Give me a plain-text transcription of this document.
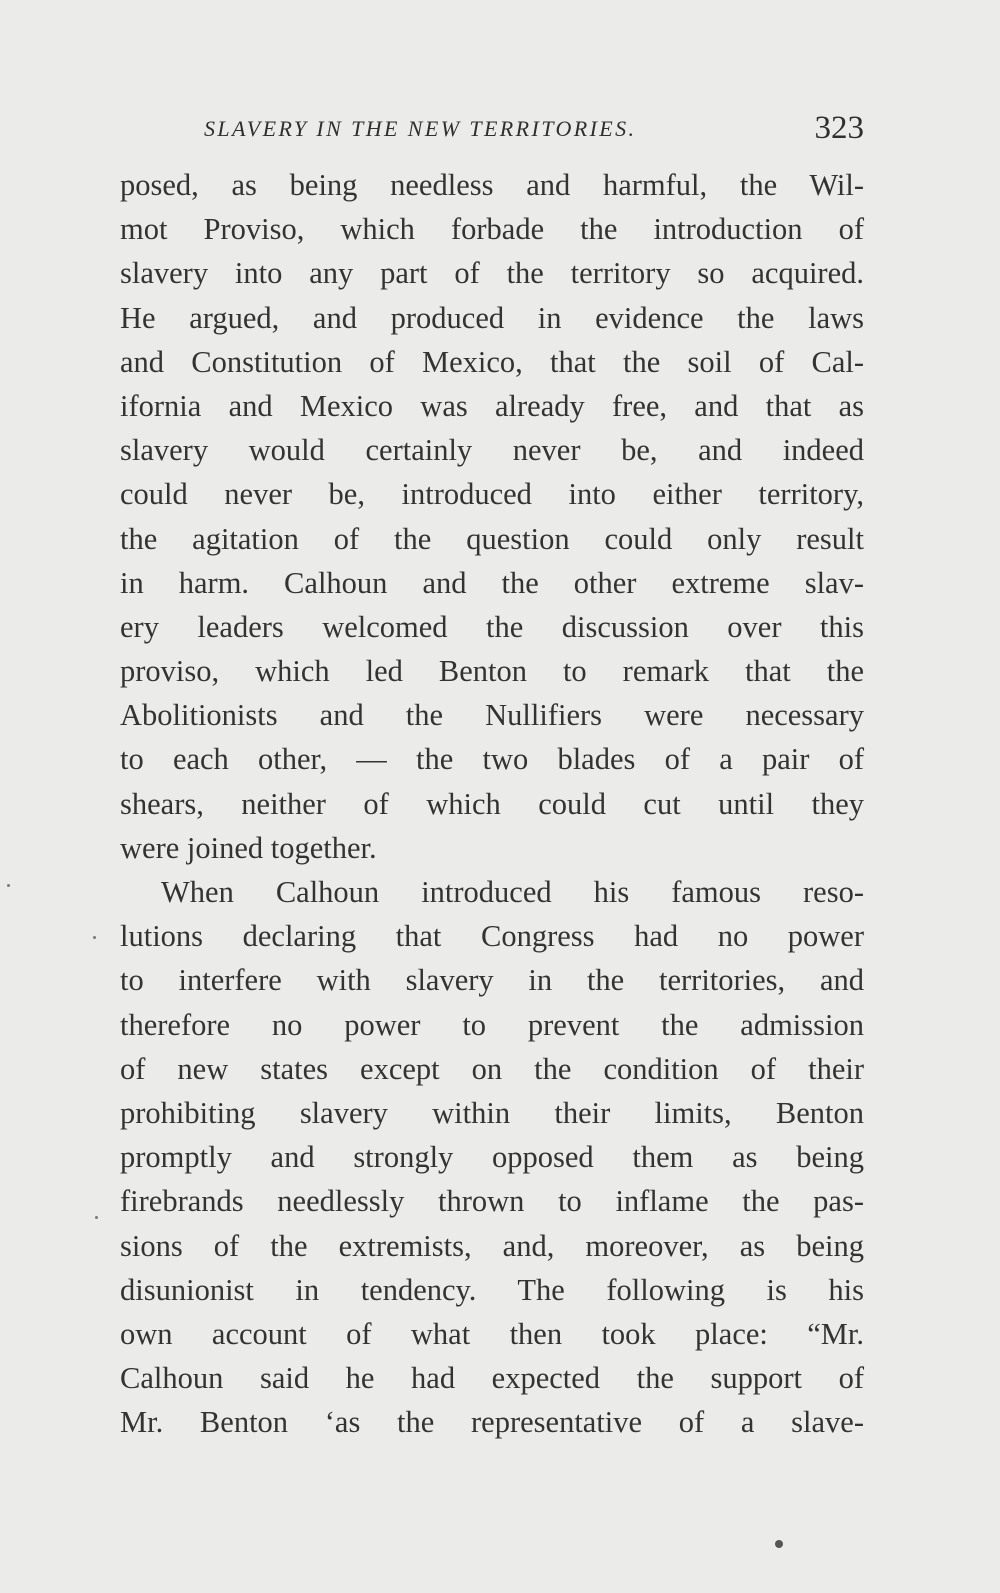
SLAVERY IN THE NEW TERRITORIES.	323
posed, as being needless and harmful, the Wil-
mot Proviso, which forbade the introduction of
slavery into any part of the territory so acquired.
He argued, and produced in evidence the laws
and Constitution of Mexico, that the soil of Cal-
ifornia and Mexico was already free, and that as
slavery would certainly never be, and indeed
could never be, introduced into either territory,
the agitation of the question could only result
in harm. Calhoun and the other extreme slav-
ery leaders welcomed the discussion over this
proviso, which led Benton to remark that the
Abolitionists and the Nullifiers were necessary
to each other, — the two blades of a pair of
shears, neither of which could cut until they
were joined together.
When Calhoun introduced his famous reso-
lutions declaring that Congress had no power
to interfere with slavery in the territories, and
therefore no power to prevent the admission
of new states except on the condition of their
prohibiting slavery within their limits, Benton
promptly and strongly opposed them as being
firebrands needlessly thrown to inflame the pas-
sions of the extremists, and, moreover, as being
disunionist in tendency. The following is his
own account of what then took place: “Mr.
Calhoun said he had expected the support of
Mr. Benton ‘as the representative of a slave-
